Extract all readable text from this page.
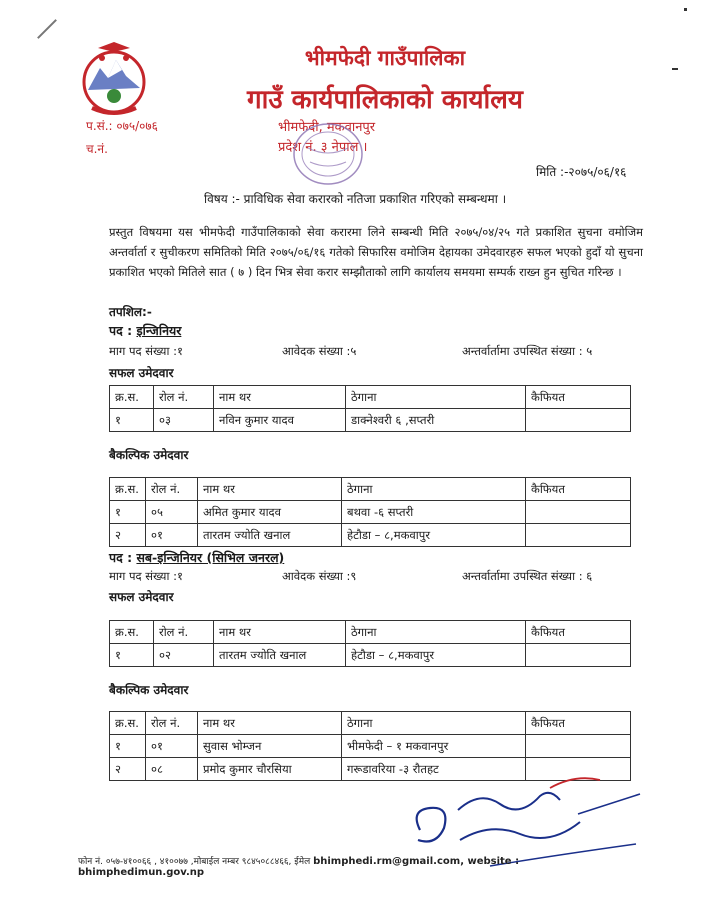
भीमफेदी गाउँपालिका
गाउँ कार्यपालिकाको कार्यालय
प.सं.: ०७५/०७६
च.नं.
भीमफेदी, मकवानपुर
प्रदेश नं. ३ नेपाल ।
मिति :-२०७५/०६/१६
विषय :- प्राविधिक सेवा करारको नतिजा प्रकाशित गरिएको सम्बन्धमा ।
प्रस्तुत विषयमा यस भीमफेदी गाउँपालिकाको सेवा करारमा लिने सम्बन्धी मिति २०७५/०४/२५ गते प्रकाशित सुचना वमोजिम अन्तर्वार्ता र सुचीकरण समितिको मिति २०७५/०६/१६ गतेको सिफारिस वमोजिम देहायका उमेदवारहरु सफल भएको हुदाँ यो सुचना प्रकाशित भएको मितिले सात ( ७ ) दिन भित्र सेवा करार सम्झौताको लागि कार्यालय समयमा सम्पर्क राख्न हुन सुचित गरिन्छ ।
तपशिल:-
पद : इन्जिनियर
माग पद संख्या :१	आवेदक संख्या :५	अन्तर्वार्तामा उपस्थित संख्या : ५
सफल उमेदवार
क्र.स.	रोल नं.	नाम थर	ठेगाना	कैफियत
१	०३	नविन कुमार यादव	डाक्नेश्वरी ६ ,सप्तरी	
बैकल्पिक उमेदवार
क्र.स.	रोल नं.	नाम थर	ठेगाना	कैफियत
१	०५	अमित कुमार यादव	बथवा -६ सप्तरी	
२	०१	तारतम ज्योति खनाल	हेटौडा – ८,मकवापुर	
पद : सब-इन्जिनियर (सिभिल जनरल)
माग पद संख्या :१	आवेदक संख्या :९	अन्तर्वार्तामा उपस्थित संख्या : ६
सफल उमेदवार
क्र.स.	रोल नं.	नाम थर	ठेगाना	कैफियत
१	०२	तारतम ज्योति खनाल	हेटौडा – ८,मकवापुर	
बैकल्पिक उमेदवार
क्र.स.	रोल नं.	नाम थर	ठेगाना	कैफियत
१	०१	सुवास भोम्जन	भीमफेदी – १ मकवानपुर	
२	०८	प्रमोद कुमार चौरसिया	गरूडावरिया -३ रौतहट	
फोन नं. ०५७-४१००६६ , ४१००७७ ,मोबाईल नम्बर ९८४५०८८४६६, ईमेल bhimphedi.rm@gmail.com, website : bhimphedimun.gov.np
